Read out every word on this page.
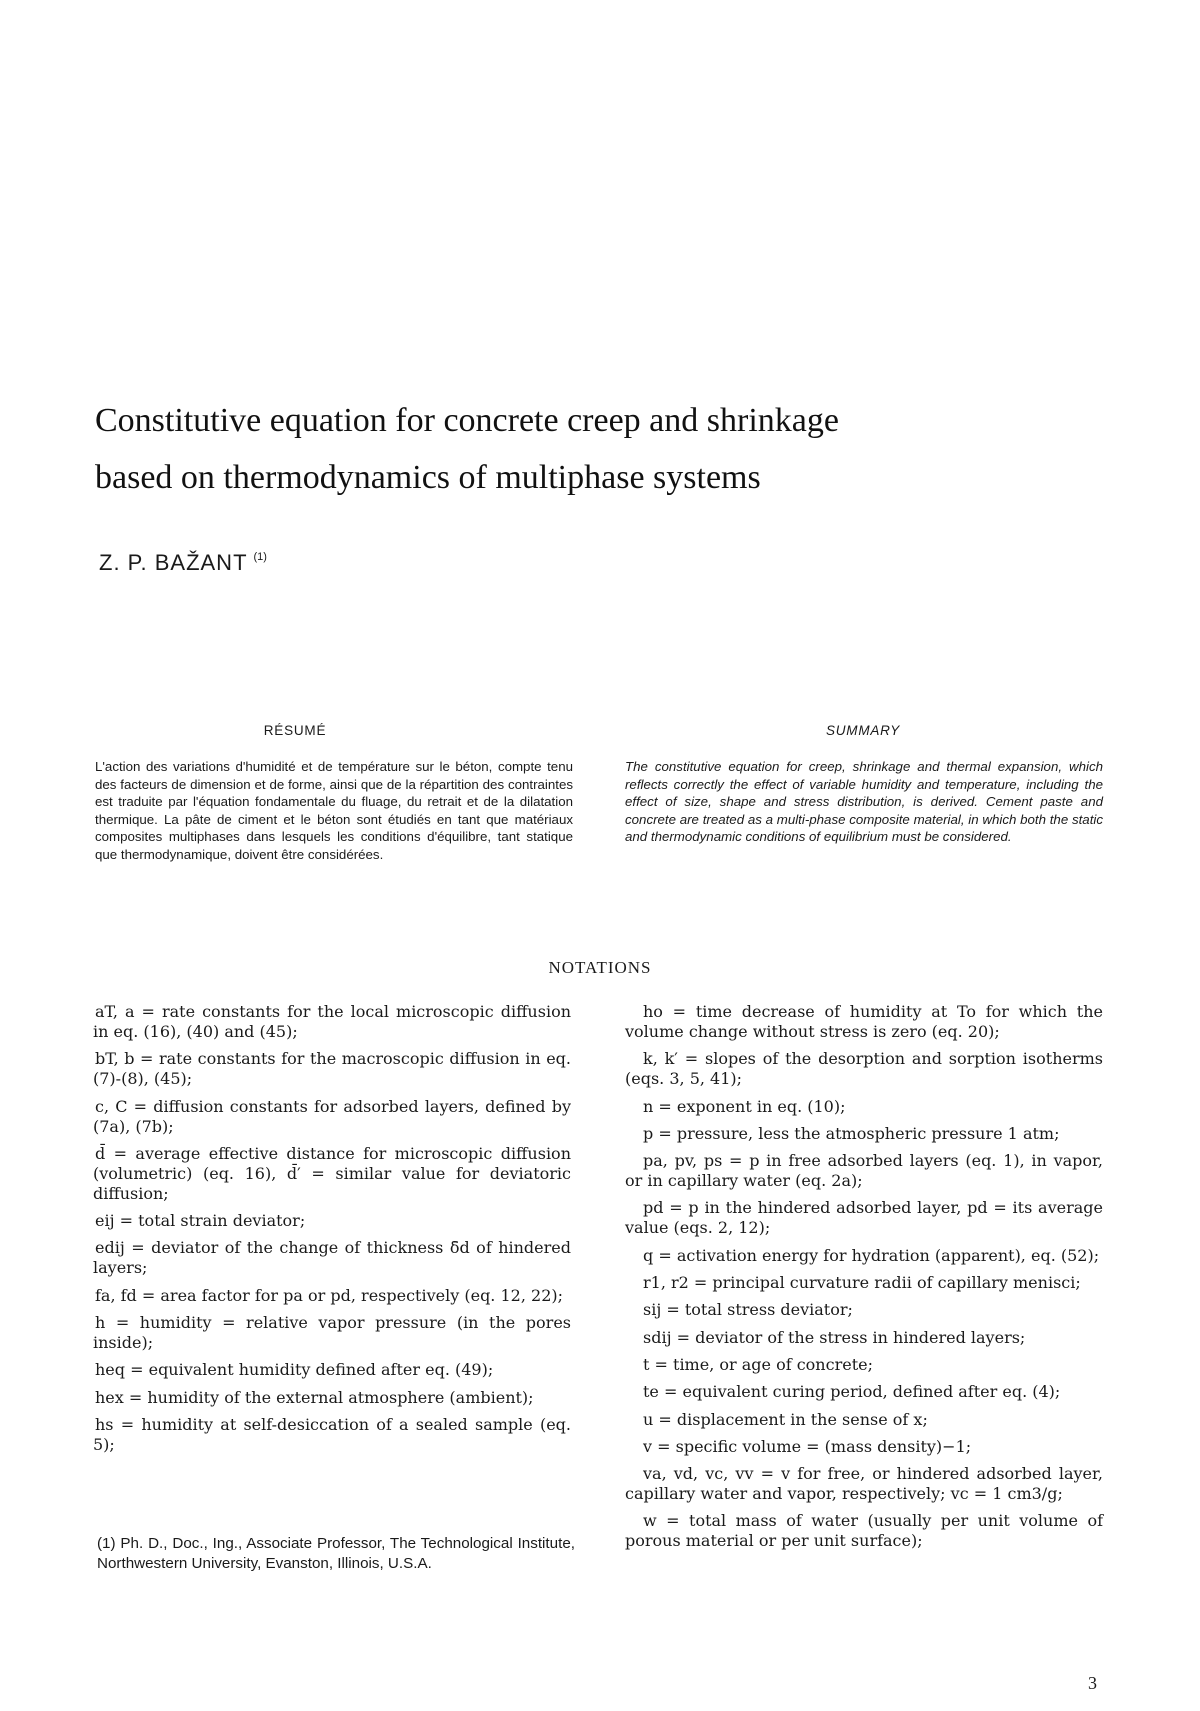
Constitutive equation for concrete creep and shrinkage
based on thermodynamics of multiphase systems
Z. P. BAŽANT $^{(1)}$
RÉSUMÉ

L'action des variations d'humidité et de température sur le béton, compte tenu des facteurs de dimension et de forme, ainsi que de la répartition des contraintes est traduite par l'équation fondamentale du fluage, du retrait et de la dilatation thermique. La pâte de ciment et le béton sont étudiés en tant que matériaux composites multiphases dans lesquels les conditions d'équilibre, tant statique que thermodynamique, doivent être considérées.

SUMMARY

The constitutive equation for creep, shrinkage and thermal expansion, which reflects correctly the effect of variable humidity and temperature, including the effect of size, shape and stress distribution, is derived. Cement paste and concrete are treated as a multi-phase composite material, in which both the static and thermodynamic conditions of equilibrium must be considered.

NOTATIONS

aT, a = rate constants for the local microscopic diffusion in eq. (16), (40) and (45);

bT, b = rate constants for the macroscopic diffusion in eq. (7)-(8), (45);

c, C = diffusion constants for adsorbed layers, defined by (7a), (7b);

d̄ = average effective distance for microscopic diffusion (volumetric) (eq. 16), d̄′ = similar value for deviatoric diffusion;

eij = total strain deviator;

edij = deviator of the change of thickness δ̄d of hindered layers;

fa, fd = area factor for pa or pd, respectively (eq. 12, 22);

h = humidity = relative vapor pressure (in the pores inside);

heq = equivalent humidity defined after eq. (49);

hex = humidity of the external atmosphere (ambient);

hs = humidity at self-desiccation of a sealed sample (eq. 5);

(1) Ph. D., Doc., Ing., Associate Professor, The Technological Institute, Northwestern University, Evanston, Illinois, U.S.A.

ho = time decrease of humidity at To for which the volume change without stress is zero (eq. 20);

k, k′ = slopes of the desorption and sorption isotherms (eqs. 3, 5, 41);

n = exponent in eq. (10);

p = pressure, less the atmospheric pressure 1 atm;

pa, pv, ps = p in free adsorbed layers (eq. 1), in vapor, or in capillary water (eq. 2a);

pd = p in the hindered adsorbed layer, pd = its average value (eqs. 2, 12);

q = activation energy for hydration (apparent), eq. (52);

r1, r2 = principal curvature radii of capillary menisci;

sij = total stress deviator;

sdij = deviator of the stress in hindered layers;

t = time, or age of concrete;

te = equivalent curing period, defined after eq. (4);

u = displacement in the sense of x;

v = specific volume = (mass density)−1;

va, vd, vc, vv = v for free, or hindered adsorbed layer, capillary water and vapor, respectively; vc = 1 cm3/g;

w = total mass of water (usually per unit volume of porous material or per unit surface);

3
